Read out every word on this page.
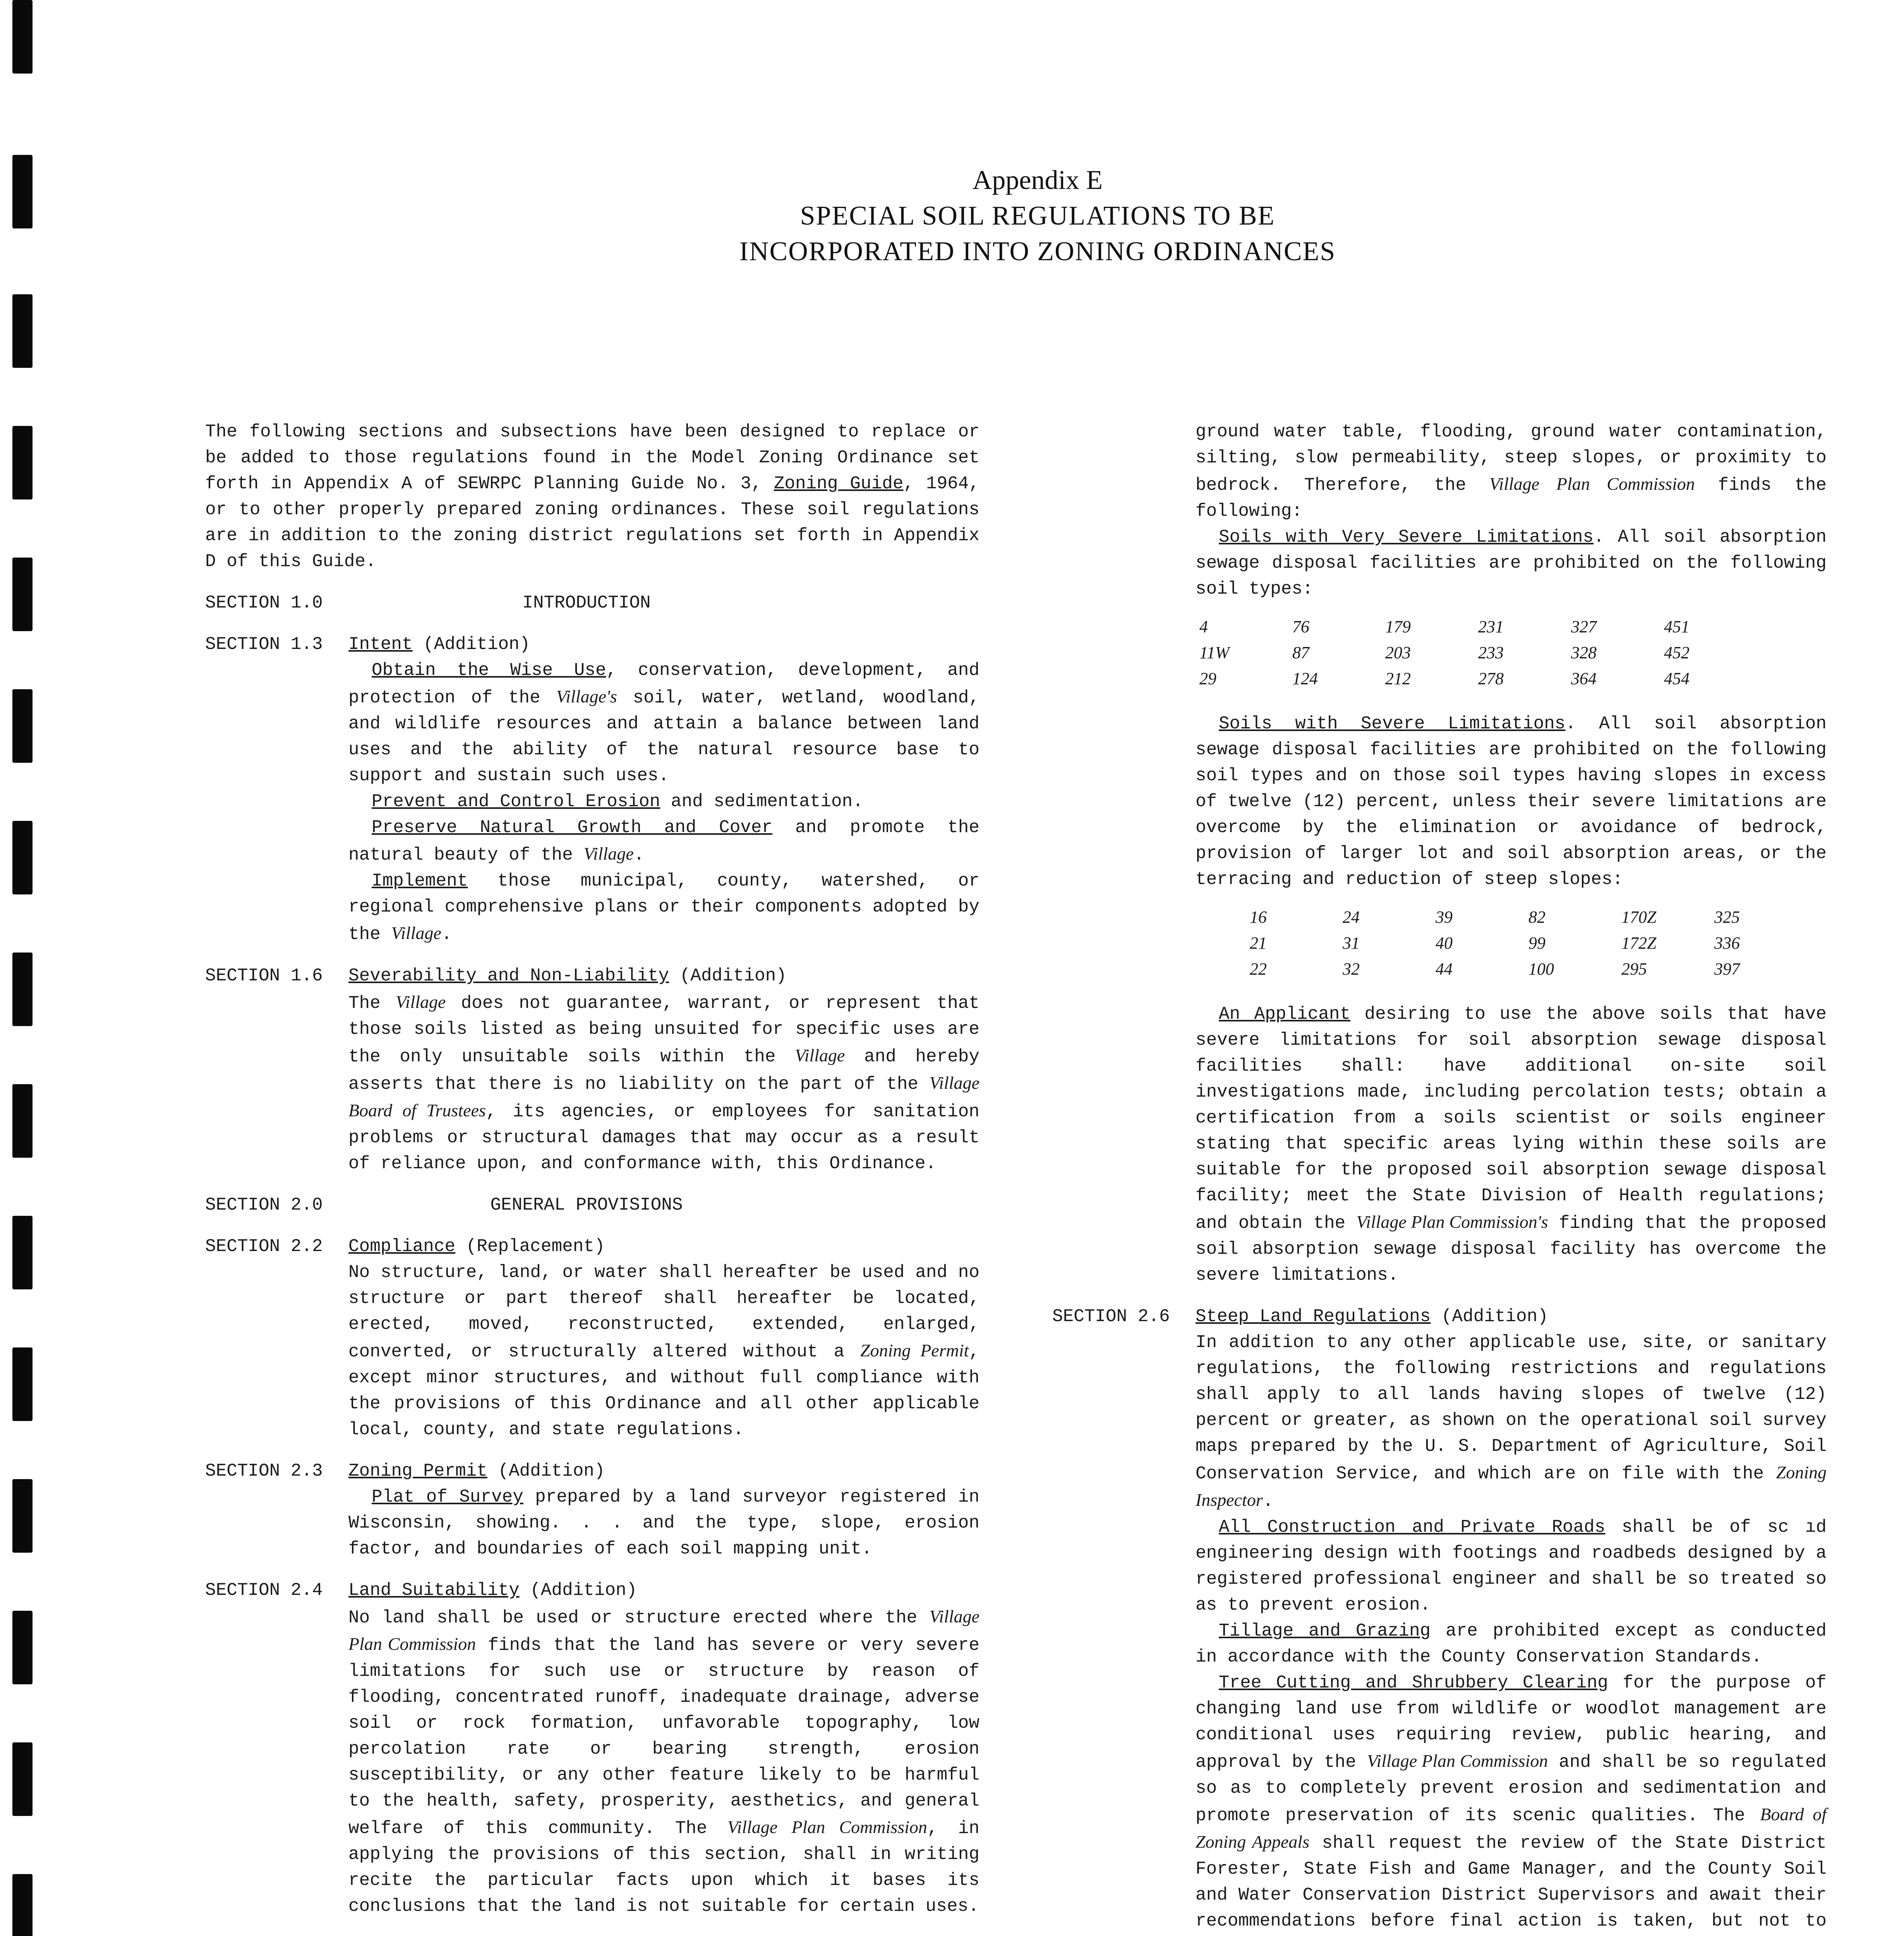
Appendix E
SPECIAL SOIL REGULATIONS TO BE
INCORPORATED INTO ZONING ORDINANCES

The following sections and subsections have been designed to replace or be added to those regulations found in the Model Zoning Ordinance set forth in Appendix A of SEWRPC Planning Guide No. 3, Zoning Guide, 1964, or to other properly prepared zoning ordinances. These soil regulations are in addition to the zoning district regulations set forth in Appendix D of this Guide.

SECTION 1.0	INTRODUCTION
SECTION 1.3	Intent (Addition)
Obtain the Wise Use, conservation, development, and protection of the Village's soil, water, wetland, woodland, and wildlife resources and attain a balance between land uses and the ability of the natural resource base to support and sustain such uses.
Prevent and Control Erosion and sedimentation.
Preserve Natural Growth and Cover and promote the natural beauty of the Village.
Implement those municipal, county, watershed, or regional comprehensive plans or their components adopted by the Village.
SECTION 1.6	Severability and Non-Liability (Addition)
The Village does not guarantee, warrant, or represent that those soils listed as being unsuited for specific uses are the only unsuitable soils within the Village and hereby asserts that there is no liability on the part of the Village Board of Trustees, its agencies, or employees for sanitation problems or structural damages that may occur as a result of reliance upon, and conformance with, this Ordinance.
SECTION 2.0	GENERAL PROVISIONS
SECTION 2.2	Compliance (Replacement)
No structure, land, or water shall hereafter be used and no structure or part thereof shall hereafter be located, erected, moved, reconstructed, extended, enlarged, converted, or structurally altered without a Zoning Permit, except minor structures, and without full compliance with the provisions of this Ordinance and all other applicable local, county, and state regulations.
SECTION 2.3	Zoning Permit (Addition)
Plat of Survey prepared by a land surveyor registered in Wisconsin, showing. . . and the type, slope, erosion factor, and boundaries of each soil mapping unit.
SECTION 2.4	Land Suitability (Addition)
No land shall be used or structure erected where the Village Plan Commission finds that the land has severe or very severe limitations for such use or structure by reason of flooding, concentrated runoff, inadequate drainage, adverse soil or rock formation, unfavorable topography, low percolation rate or bearing strength, erosion susceptibility, or any other feature likely to be harmful to the health, safety, prosperity, aesthetics, and general welfare of this community. The Village Plan Commission, in applying the provisions of this section, shall in writing recite the particular facts upon which it bases its conclusions that the land is not suitable for certain uses.
ground water table, flooding, ground water contamination, silting, slow permeability, steep slopes, or proximity to bedrock. Therefore, the Village Plan Commission finds the following:
Soils with Very Severe Limitations. All soil absorption sewage disposal facilities are prohibited on the following soil types:
4	76	179	231	327	451
11W	87	203	233	328	452
29	124	212	278	364	454
Soils with Severe Limitations. All soil absorption sewage disposal facilities are prohibited on the following soil types and on those soil types having slopes in excess of twelve (12) percent, unless their severe limitations are overcome by the elimination or avoidance of bedrock, provision of larger lot and soil absorption areas, or the terracing and reduction of steep slopes:
16	24	39	82	170Z	325
21	31	40	99	172Z	336
22	32	44	100	295	397
An Applicant desiring to use the above soils that have severe limitations for soil absorption sewage disposal facilities shall: have additional on-site soil investigations made, including percolation tests; obtain a certification from a soils scientist or soils engineer stating that specific areas lying within these soils are suitable for the proposed soil absorption sewage disposal facility; meet the State Division of Health regulations; and obtain the Village Plan Commission's finding that the proposed soil absorption sewage disposal facility has overcome the severe limitations.
SECTION 2.6	Steep Land Regulations (Addition)
In addition to any other applicable use, site, or sanitary regulations, the following restrictions and regulations shall apply to all lands having slopes of twelve (12) percent or greater, as shown on the operational soil survey maps prepared by the U. S. Department of Agriculture, Soil Conservation Service, and which are on file with the Zoning Inspector.
All Construction and Private Roads shall be of sc ıd engineering design with footings and roadbeds designed by a registered professional engineer and shall be so treated so as to prevent erosion.
Tillage and Grazing are prohibited except as conducted in accordance with the County Conservation Standards.
Tree Cutting and Shrubbery Clearing for the purpose of changing land use from wildlife or woodlot management are conditional uses requiring review, public hearing, and approval by the Village Plan Commission and shall be so regulated so as to completely prevent erosion and sedimentation and promote preservation of its scenic qualities. The Board of Zoning Appeals shall request the review of the State District Forester, State Fish and Game Manager, and the County Soil and Water Conservation District Supervisors and await their recommendations before final action is taken, but not to
